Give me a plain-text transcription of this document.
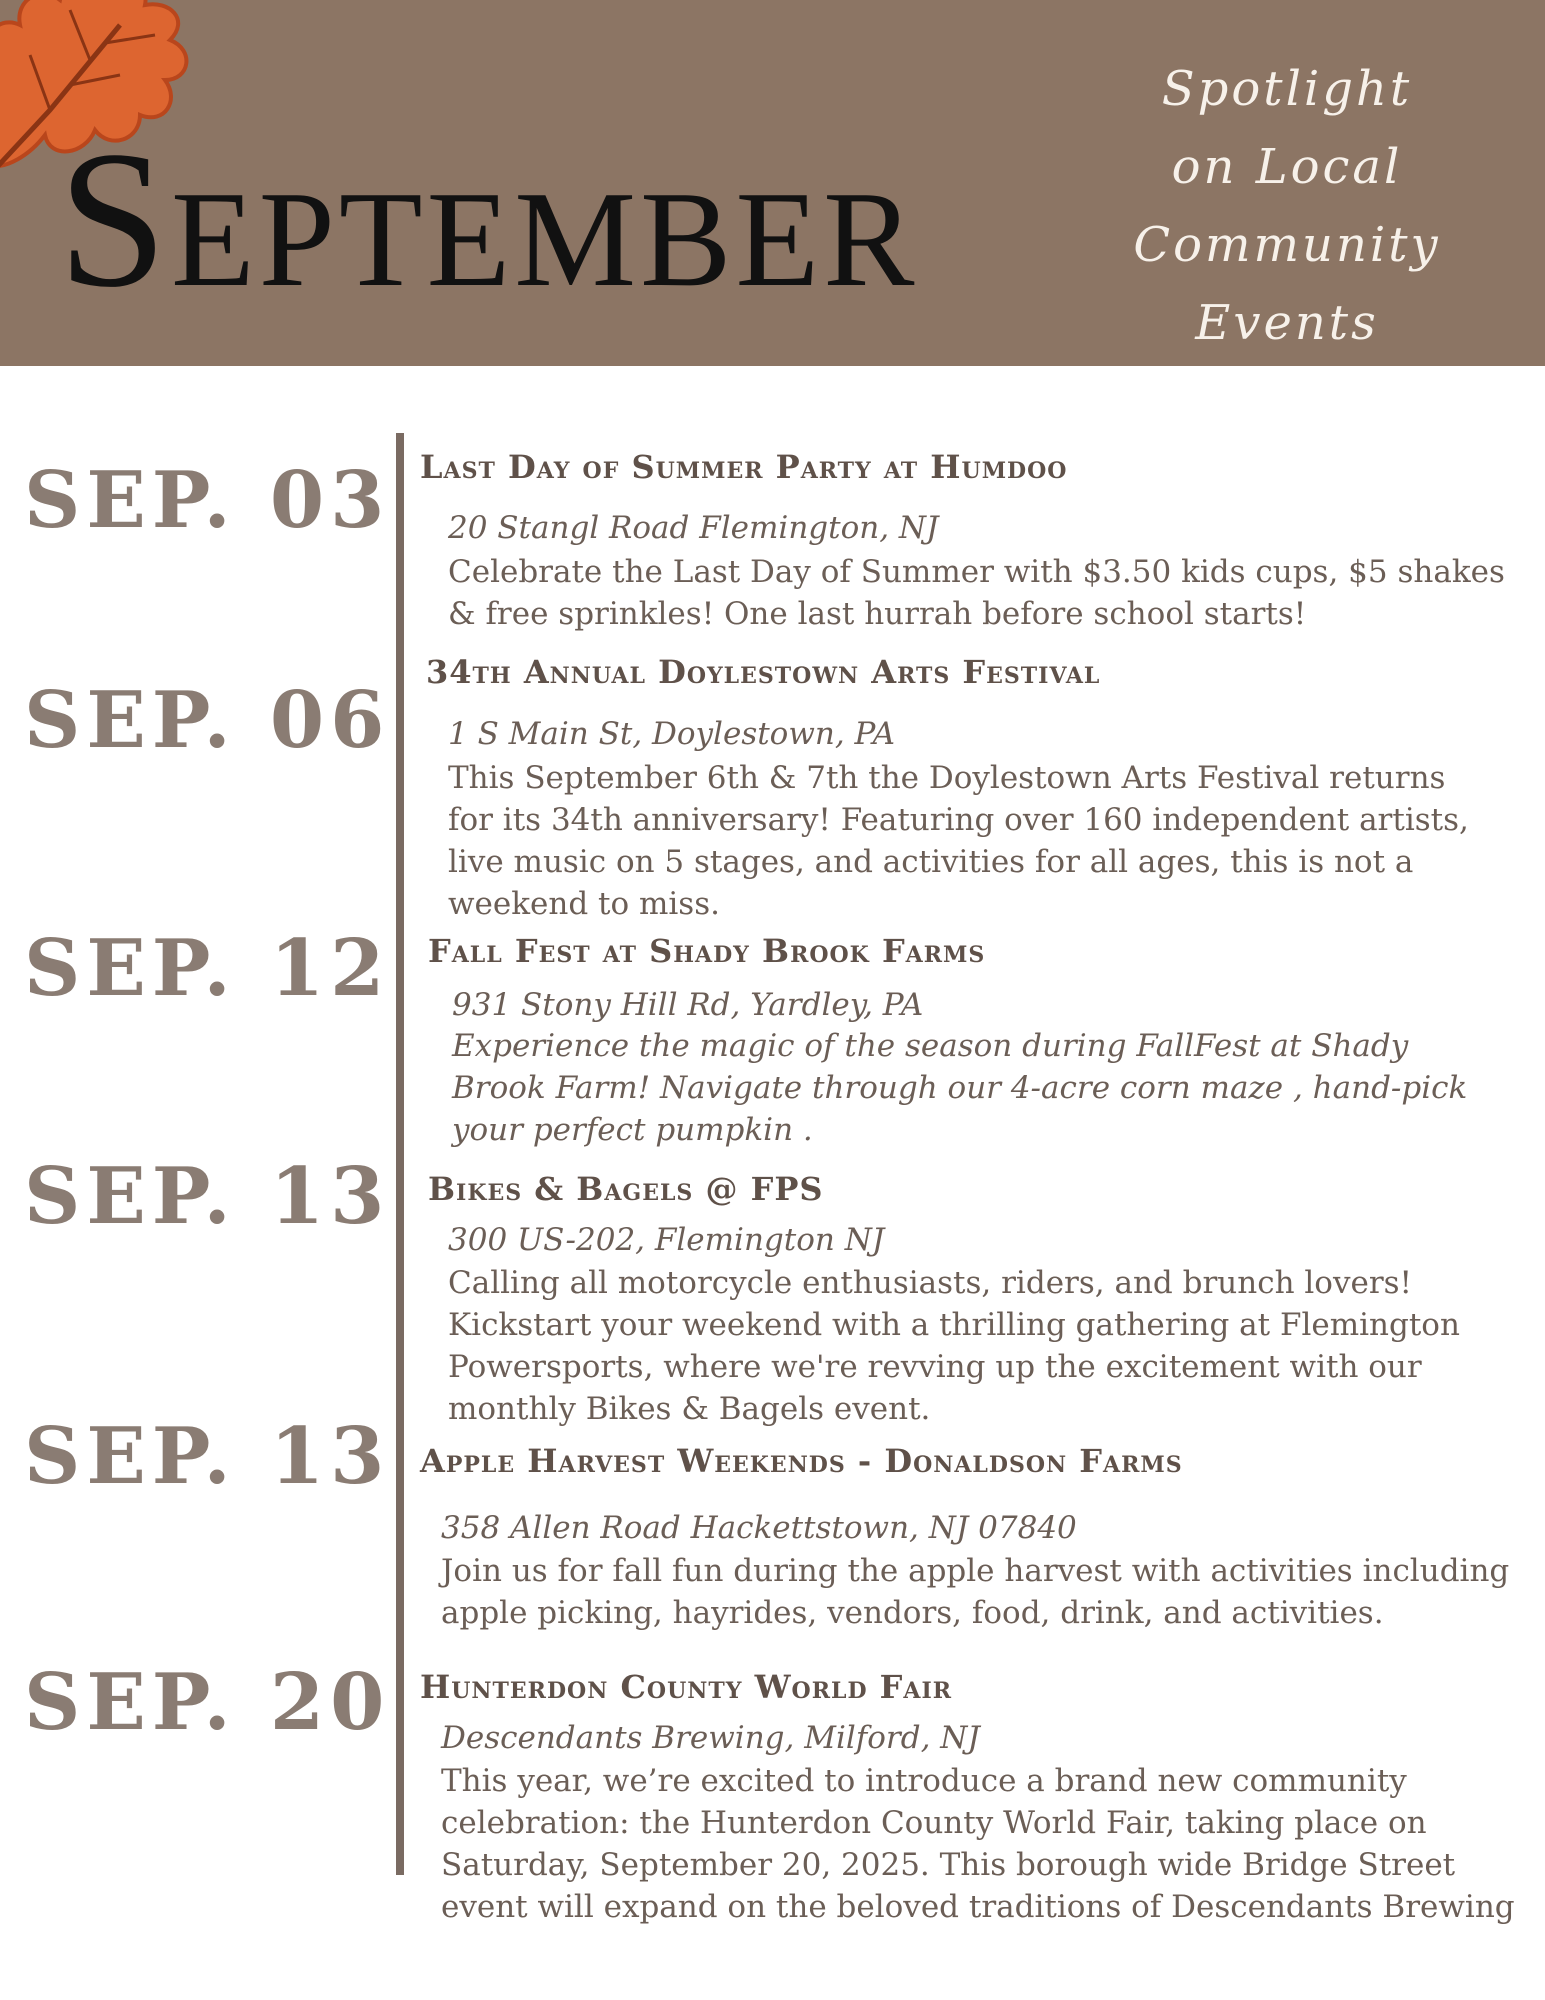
September
Spotlight
on Local
Community
Events
SEP. 03 Last Day of Summer Party at Humdoo
20 Stangl Road Flemington, NJ

Celebrate the Last Day of Summer with $3.50 kids cups, $5 shakes & free sprinkles! One last hurrah before school starts!

SEP. 06
34th Annual Doylestown Arts Festival
1 S Main St, Doylestown, PA

This September 6th & 7th the Doylestown Arts Festival returns for its 34th anniversary! Featuring over 160 independent artists, live music on 5 stages, and activities for all ages, this is not a weekend to miss.

SEP. 12 Fall Fest at Shady Brook Farms
931 Stony Hill Rd, Yardley, PA

Experience the magic of the season during FallFest at Shady Brook Farm! Navigate through our 4-acre corn maze , hand-pick your perfect pumpkin .

SEP. 13 Bikes & Bagels @ FPS
300 US-202, Flemington NJ

Calling all motorcycle enthusiasts, riders, and brunch lovers! Kickstart your weekend with a thrilling gathering at Flemington Powersports, where we're revving up the excitement with our monthly Bikes & Bagels event.

SEP. 13 Apple Harvest Weekends - Donaldson Farms
358 Allen Road Hackettstown, NJ 07840

Join us for fall fun during the apple harvest with activities including apple picking, hayrides, vendors, food, drink, and activities.

SEP. 20 Hunterdon County World Fair
Descendants Brewing, Milford, NJ

This year, we’re excited to introduce a brand new community celebration: the Hunterdon County World Fair, taking place on Saturday, September 20, 2025. This borough wide Bridge Street event will expand on the beloved traditions of Descendants Brewing
